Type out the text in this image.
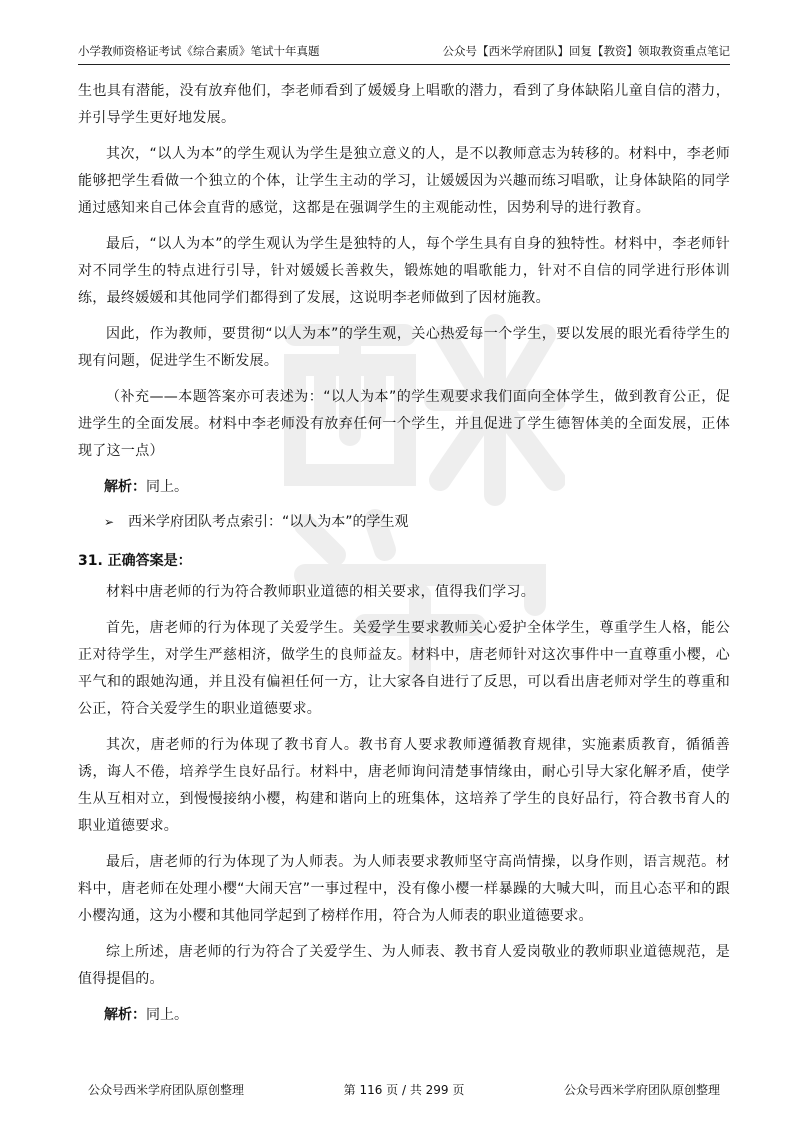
小学教师资格证考试《综合素质》笔试十年真题	公众号【西米学府团队】回复【教资】领取教资重点笔记

生也具有潜能，没有放弃他们，李老师看到了媛媛身上唱歌的潜力，看到了身体缺陷儿童自信的潜力，并引导学生更好地发展。

其次，“以人为本”的学生观认为学生是独立意义的人，是不以教师意志为转移的。材料中，李老师能够把学生看做一个独立的个体，让学生主动的学习，让媛媛因为兴趣而练习唱歌，让身体缺陷的同学通过感知来自己体会直背的感觉，这都是在强调学生的主观能动性，因势利导的进行教育。

最后，“以人为本”的学生观认为学生是独特的人，每个学生具有自身的独特性。材料中，李老师针对不同学生的特点进行引导，针对媛媛长善救失，锻炼她的唱歌能力，针对不自信的同学进行形体训练，最终媛媛和其他同学们都得到了发展，这说明李老师做到了因材施教。

因此，作为教师，要贯彻“以人为本”的学生观，关心热爱每一个学生，要以发展的眼光看待学生的现有问题，促进学生不断发展。

（补充——本题答案亦可表述为：“以人为本”的学生观要求我们面向全体学生，做到教育公正，促进学生的全面发展。材料中李老师没有放弃任何一个学生，并且促进了学生德智体美的全面发展，正体现了这一点）

解析：同上。
➢ 西米学府团队考点索引：“以人为本”的学生观
31. 正确答案是：

材料中唐老师的行为符合教师职业道德的相关要求，值得我们学习。

首先，唐老师的行为体现了关爱学生。关爱学生要求教师关心爱护全体学生，尊重学生人格，能公正对待学生，对学生严慈相济，做学生的良师益友。材料中，唐老师针对这次事件中一直尊重小樱，心平气和的跟她沟通，并且没有偏袒任何一方，让大家各自进行了反思，可以看出唐老师对学生的尊重和公正，符合关爱学生的职业道德要求。

其次，唐老师的行为体现了教书育人。教书育人要求教师遵循教育规律，实施素质教育，循循善诱，诲人不倦，培养学生良好品行。材料中，唐老师询问清楚事情缘由，耐心引导大家化解矛盾，使学生从互相对立，到慢慢接纳小樱，构建和谐向上的班集体，这培养了学生的良好品行，符合教书育人的职业道德要求。

最后，唐老师的行为体现了为人师表。为人师表要求教师坚守高尚情操，以身作则，语言规范。材料中，唐老师在处理小樱“大闹天宫”一事过程中，没有像小樱一样暴躁的大喊大叫，而且心态平和的跟小樱沟通，这为小樱和其他同学起到了榜样作用，符合为人师表的职业道德要求。

综上所述，唐老师的行为符合了关爱学生、为人师表、教书育人爱岗敬业的教师职业道德规范，是值得提倡的。

解析：同上。
公众号西米学府团队原创整理	第 116 页 / 共 299 页	公众号西米学府团队原创整理
